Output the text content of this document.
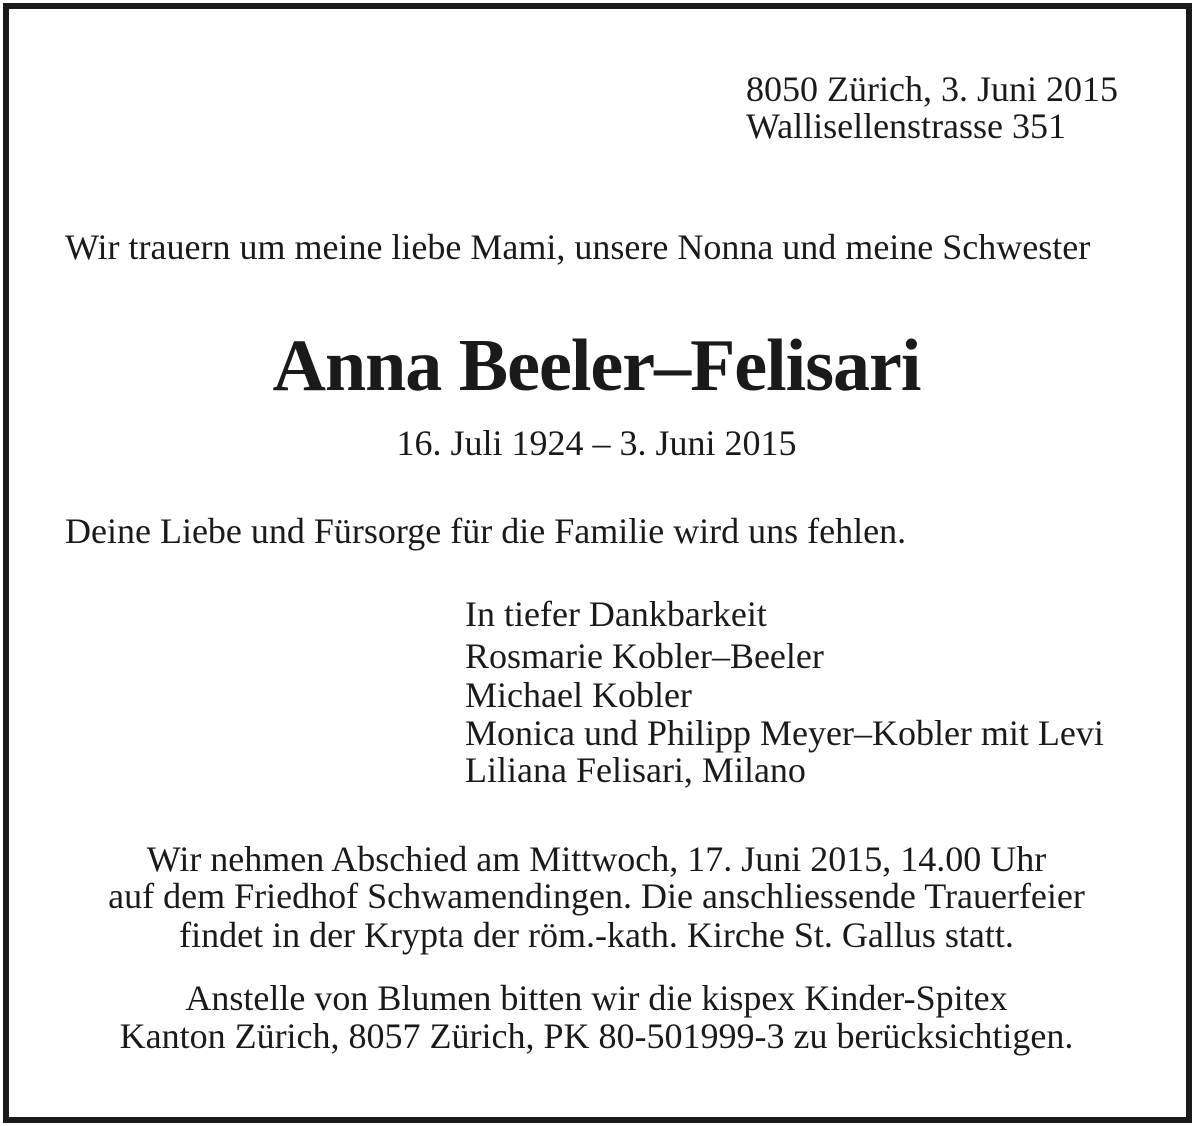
8050 Zürich, 3. Juni 2015

Wallisellenstrasse 351

Wir trauern um meine liebe Mami, unsere Nonna und meine Schwester

Anna Beeler–Felisari

16. Juli 1924 – 3. Juni 2015

Deine Liebe und Fürsorge für die Familie wird uns fehlen.

In tiefer Dankbarkeit

Rosmarie Kobler–Beeler

Michael Kobler

Monica und Philipp Meyer–Kobler mit Levi

Liliana Felisari, Milano

Wir nehmen Abschied am Mittwoch, 17. Juni 2015, 14.00 Uhr

auf dem Friedhof Schwamendingen. Die anschliessende Trauerfeier

findet in der Krypta der röm.-kath. Kirche St. Gallus statt.

Anstelle von Blumen bitten wir die kispex Kinder-Spitex

Kanton Zürich, 8057 Zürich, PK 80-501999-3 zu berücksichtigen.
